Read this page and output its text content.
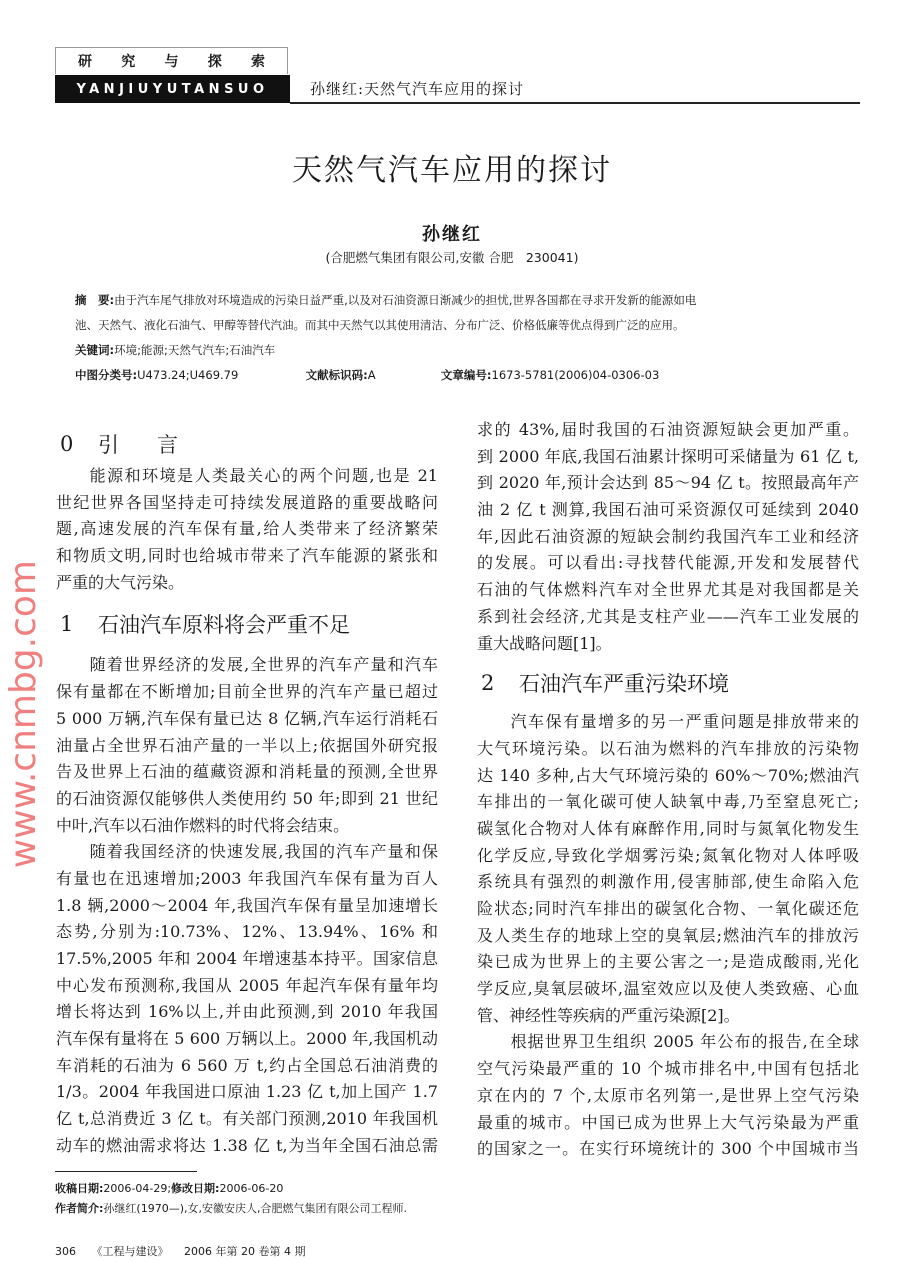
研 究 与 探 索
YANJIUYUTANSUO	孙继红:天然气汽车应用的探讨
天然气汽车应用的探讨
孙继红
(合肥燃气集团有限公司,安徽 合肥　230041)
摘　要:由于汽车尾气排放对环境造成的污染日益严重,以及对石油资源日渐减少的担忧,世界各国都在寻求开发新的能源如电
池、天然气、液化石油气、甲醇等替代汽油。而其中天然气以其使用清洁、分布广泛、价格低廉等优点得到广泛的应用。
关键词:环境;能源;天然气汽车;石油汽车
中图分类号:U473.24;U469.79	文献标识码:A	文章编号:1673-5781(2006)04-0306-03
0	引言
能源和环境是人类最关心的两个问题,也是 21
世纪世界各国坚持走可持续发展道路的重要战略问
题,高速发展的汽车保有量,给人类带来了经济繁荣
和物质文明,同时也给城市带来了汽车能源的紧张和
严重的大气污染。
1	石油汽车原料将会严重不足
随着世界经济的发展,全世界的汽车产量和汽车
保有量都在不断增加;目前全世界的汽车产量已超过
5 000 万辆,汽车保有量已达 8 亿辆,汽车运行消耗石
油量占全世界石油产量的一半以上;依据国外研究报
告及世界上石油的蕴藏资源和消耗量的预测,全世界
的石油资源仅能够供人类使用约 50 年;即到 21 世纪
中叶,汽车以石油作燃料的时代将会结束。
随着我国经济的快速发展,我国的汽车产量和保
有量也在迅速增加;2003 年我国汽车保有量为百人
1.8 辆,2000～2004 年,我国汽车保有量呈加速增长
态势,分别为:10.73%、12%、13.94%、16% 和
17.5%,2005 年和 2004 年增速基本持平。国家信息
中心发布预测称,我国从 2005 年起汽车保有量年均
增长将达到 16%以上,并由此预测,到 2010 年我国
汽车保有量将在 5 600 万辆以上。2000 年,我国机动
车消耗的石油为 6 560 万 t,约占全国总石油消费的
1/3。2004 年我国进口原油 1.23 亿 t,加上国产 1.7
亿 t,总消费近 3 亿 t。有关部门预测,2010 年我国机
动车的燃油需求将达 1.38 亿 t,为当年全国石油总需
求的 43%,届时我国的石油资源短缺会更加严重。
到 2000 年底,我国石油累计探明可采储量为 61 亿 t,
到 2020 年,预计会达到 85～94 亿 t。按照最高年产
油 2 亿 t 测算,我国石油可采资源仅可延续到 2040
年,因此石油资源的短缺会制约我国汽车工业和经济
的发展。可以看出:寻找替代能源,开发和发展替代
石油的气体燃料汽车对全世界尤其是对我国都是关
系到社会经济,尤其是支柱产业——汽车工业发展的
重大战略问题[1]。
2	石油汽车严重污染环境
汽车保有量增多的另一严重问题是排放带来的
大气环境污染。以石油为燃料的汽车排放的污染物
达 140 多种,占大气环境污染的 60%～70%;燃油汽
车排出的一氧化碳可使人缺氧中毒,乃至窒息死亡;
碳氢化合物对人体有麻醉作用,同时与氮氧化物发生
化学反应,导致化学烟雾污染;氮氧化物对人体呼吸
系统具有强烈的刺激作用,侵害肺部,使生命陷入危
险状态;同时汽车排出的碳氢化合物、一氧化碳还危
及人类生存的地球上空的臭氧层;燃油汽车的排放污
染已成为世界上的主要公害之一;是造成酸雨,光化
学反应,臭氧层破坏,温室效应以及使人类致癌、心血
管、神经性等疾病的严重污染源[2]。
根据世界卫生组织 2005 年公布的报告,在全球
空气污染最严重的 10 个城市排名中,中国有包括北
京在内的 7 个,太原市名列第一,是世界上空气污染
最重的城市。中国已成为世界上大气污染最为严重
的国家之一。在实行环境统计的 300 个中国城市当
www.cnmbg.com
收稿日期:2006-04-29;修改日期:2006-06-20
作者简介:孙继红(1970—),女,安徽安庆人,合肥燃气集团有限公司工程师.
306 《工程与建设》 2006 年第 20 卷第 4 期
